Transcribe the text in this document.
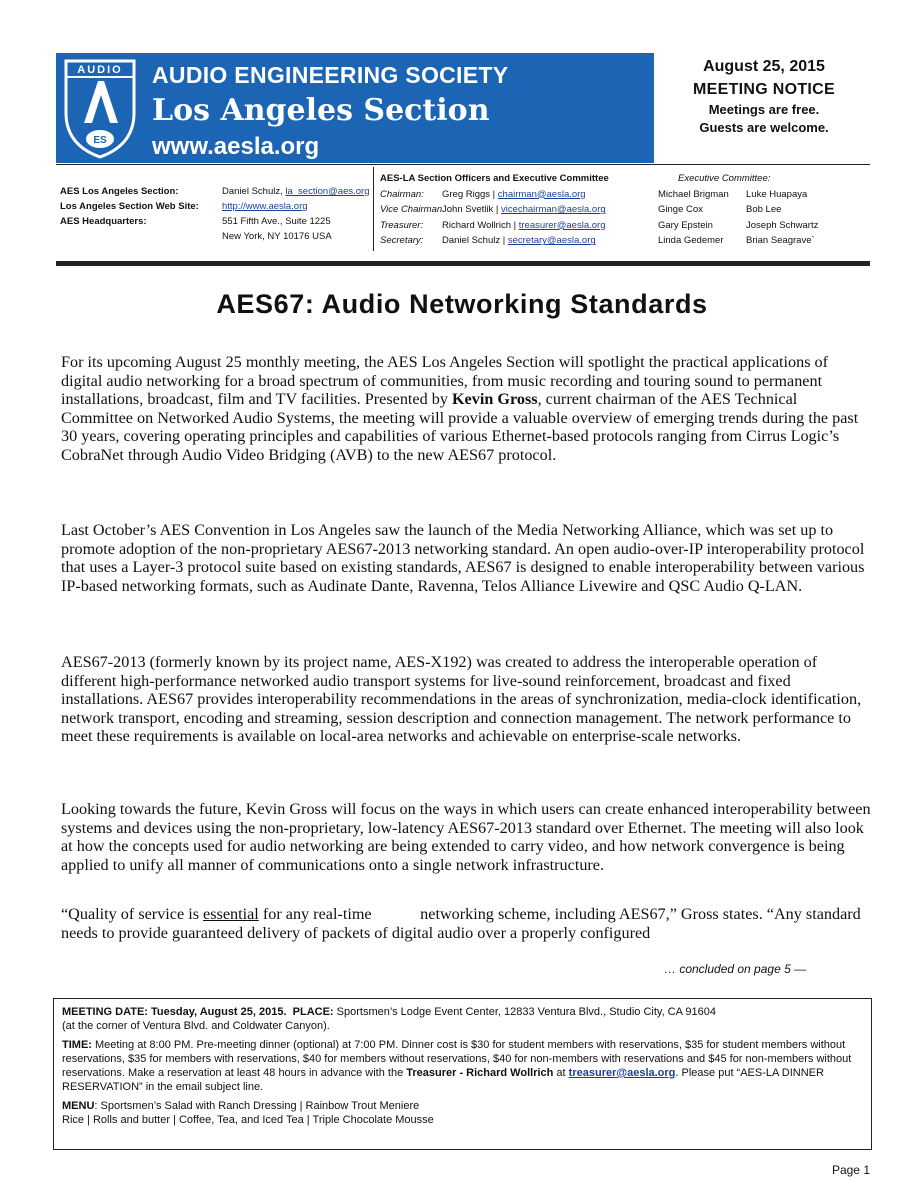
AUDIO
ES
AUDIO ENGINEERING SOCIETY
Los Angeles Section
www.aesla.org
August 25, 2015
MEETING NOTICE
Meetings are free.
Guests are welcome.
AES Los Angeles Section:
Los Angeles Section Web Site:
AES Headquarters:
Daniel Schulz, la_section@aes.org
http://www.aesla.org
551 Fifth Ave., Suite 1225
New York, NY 10176 USA
AES-LA Section Officers and Executive Committee
Chairman: Greg Riggs | chairman@aesla.org
Vice ChairmanJohn Svetlik | vicechairman@aesla.org
Treasurer: Richard Wollrich | treasurer@aesla.org
Secretary: Daniel Schulz | secretary@aesla.org
Executive Committee:
Michael Brigman
Ginge Cox
Gary Epstein
Linda Gedemer
Luke Huapaya
Bob Lee
Joseph Schwartz
Brian Seagrave`
AES67: Audio Networking Standards
For its upcoming August 25 monthly meeting, the AES Los Angeles Section will spotlight the practical applications of digital audio networking for a broad spectrum of communities, from music recording and touring sound to permanent installations, broadcast, film and TV facilities. Presented by Kevin Gross, current chairman of the AES Technical Committee on Networked Audio Systems, the meeting will provide a valuable overview of emerging trends during the past 30 years, covering operating principles and capabilities of various Ethernet-based protocols ranging from Cirrus Logic’s CobraNet through Audio Video Bridging (AVB) to the new AES67 protocol.
Last October’s AES Convention in Los Angeles saw the launch of the Media Networking Alliance, which was set up to promote adoption of the non-proprietary AES67-2013 networking standard. An open audio-over-IP interoperability protocol that uses a Layer-3 protocol suite based on existing standards, AES67 is designed to enable interoperability between various IP-based networking formats, such as Audinate Dante, Ravenna, Telos Alliance Livewire and QSC Audio Q-LAN.
AES67-2013 (formerly known by its project name, AES-X192) was created to address the interoperable operation of different high-performance networked audio transport systems for live-sound reinforcement, broadcast and fixed installations. AES67 provides interoperability recommendations in the areas of synchronization, media-clock identification, network transport, encoding and streaming, session description and connection management. The network performance to meet these requirements is available on local-area networks and achievable on enterprise-scale networks.
Looking towards the future, Kevin Gross will focus on the ways in which users can create enhanced interoperability between systems and devices using the non-proprietary, low-latency AES67-2013 standard over Ethernet. The meeting will also look at how the concepts used for audio networking are being extended to carry video, and how network convergence is being applied to unify all manner of communications onto a single network infrastructure.
“Quality of service is essential for any real-time            networking scheme, including AES67,” Gross states. “Any standard needs to provide guaranteed delivery of packets of digital audio over a properly configured
… concluded on page 5 —

MEETING DATE: Tuesday, August 25, 2015. PLACE: Sportsmen’s Lodge Event Center, 12833 Ventura Blvd., Studio City, CA 91604
(at the corner of Ventura Blvd. and Coldwater Canyon).

TIME: Meeting at 8:00 PM. Pre-meeting dinner (optional) at 7:00 PM. Dinner cost is $30 for student members with reservations, $35 for student members without reservations, $35 for members with reservations, $40 for members without reservations, $40 for non-members with reservations and $45 for non-members without reservations. Make a reservation at least 48 hours in advance with the Treasurer - Richard Wollrich at treasurer@aesla.org. Please put “AES-LA DINNER RESERVATION” in the email subject line.

MENU: Sportsmen’s Salad with Ranch Dressing | Rainbow Trout Meniere
Rice | Rolls and butter | Coffee, Tea, and Iced Tea | Triple Chocolate Mousse

Page 1
